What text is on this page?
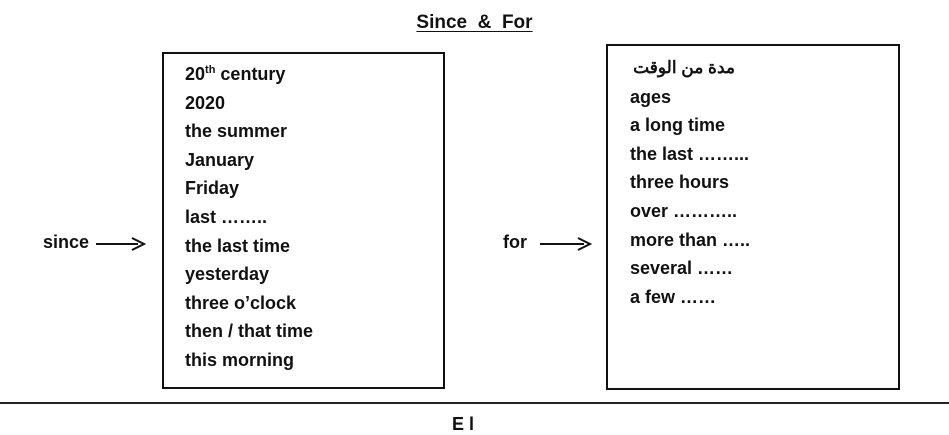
Since  &  For
since
20th century
2020
the summer
January
Friday
last ……..
the last time
yesterday
three o’clock
then / that time
this morning
for
مدة من الوقت
ages
a long time
the last ……...
three hours
over ………..
more than …..
several ……
a few ……
E l
